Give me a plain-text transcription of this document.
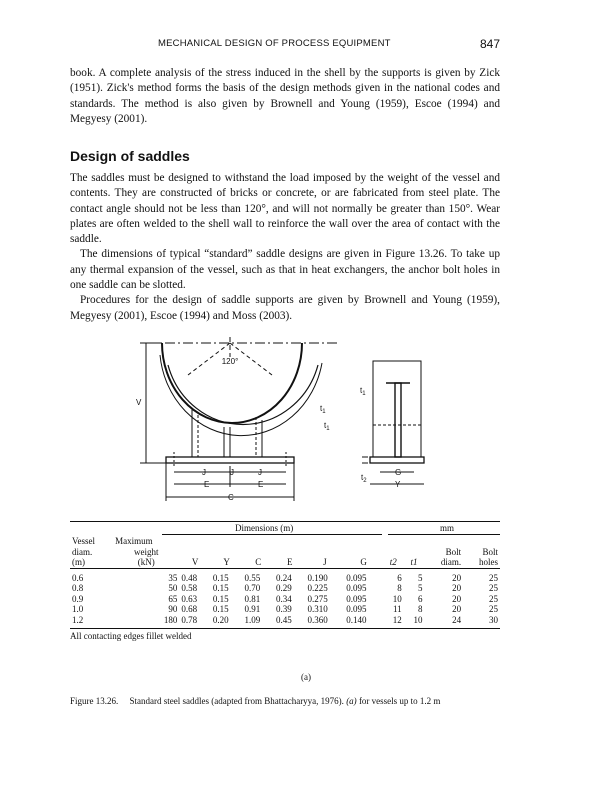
MECHANICAL DESIGN OF PROCESS EQUIPMENT	847

book. A complete analysis of the stress induced in the shell by the supports is given by Zick (1951). Zick's method forms the basis of the design methods given in the national codes and standards. The method is also given by Brownell and Young (1959), Escoe (1994) and Megyesy (2001).

Design of saddles
The saddles must be designed to withstand the load imposed by the weight of the vessel and contents. They are constructed of bricks or concrete, or are fabricated from steel plate. The contact angle should not be less than 120°, and will not normally be greater than 150°. Wear plates are often welded to the shell wall to reinforce the wall over the area of contact with the saddle.
The dimensions of typical “standard” saddle designs are given in Figure 13.26. To take up any thermal expansion of the vessel, such as that in heat exchangers, the anchor bolt holes in one saddle can be slotted.
Procedures for the design of saddle supports are given by Brownell and Young (1959), Megyesy (2001), Escoe (1994) and Moss (2003).
120°
V
$t_1$
$t_1$
$t_1$
$t_2$
J	J	J
E	E
C
G
Y
Dimensions (m)	mm
Vessel	Maximum										
diam.	weight									Bolt	Bolt
(m)	(kN)	V	Y	C	E	J	G	t2	t1	diam.	holes

0.6	35	0.48	0.15	0.55	0.24	0.190	0.095	6	5	20	25
0.8	50	0.58	0.15	0.70	0.29	0.225	0.095	8	5	20	25
0.9	65	0.63	0.15	0.81	0.34	0.275	0.095	10	6	20	25
1.0	90	0.68	0.15	0.91	0.39	0.310	0.095	11	8	20	25
1.2	180	0.78	0.20	1.09	0.45	0.360	0.140	12	10	24	30

All contacting edges fillet welded
(a)
Figure 13.26. Standard steel saddles (adapted from Bhattacharyya, 1976). (a) for vessels up to 1.2 m
